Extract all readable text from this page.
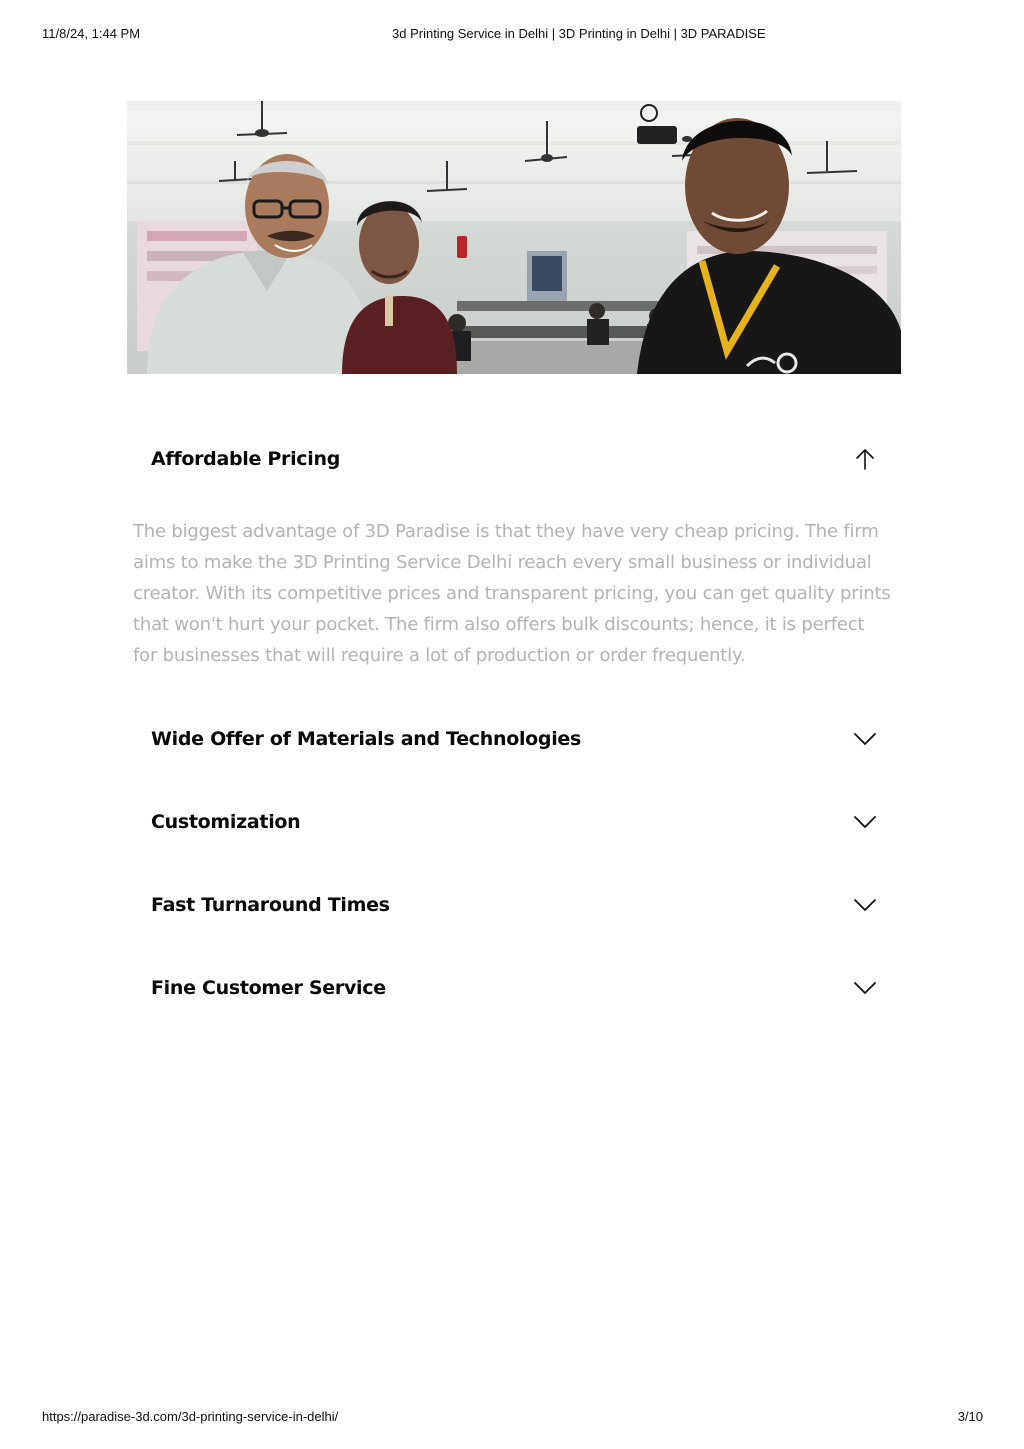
11/8/24, 1:44 PM	3d Printing Service in Delhi | 3D Printing in Delhi | 3D PARADISE
Affordable Pricing

The biggest advantage of 3D Paradise is that they have very cheap pricing. The firm aims to make the 3D Printing Service Delhi reach every small business or individual creator. With its competitive prices and transparent pricing, you can get quality prints that won't hurt your pocket. The firm also offers bulk discounts; hence, it is perfect for businesses that will require a lot of production or order frequently.

Wide Offer of Materials and Technologies
Customization
Fast Turnaround Times
Fine Customer Service
https://paradise-3d.com/3d-printing-service-in-delhi/	3/10
